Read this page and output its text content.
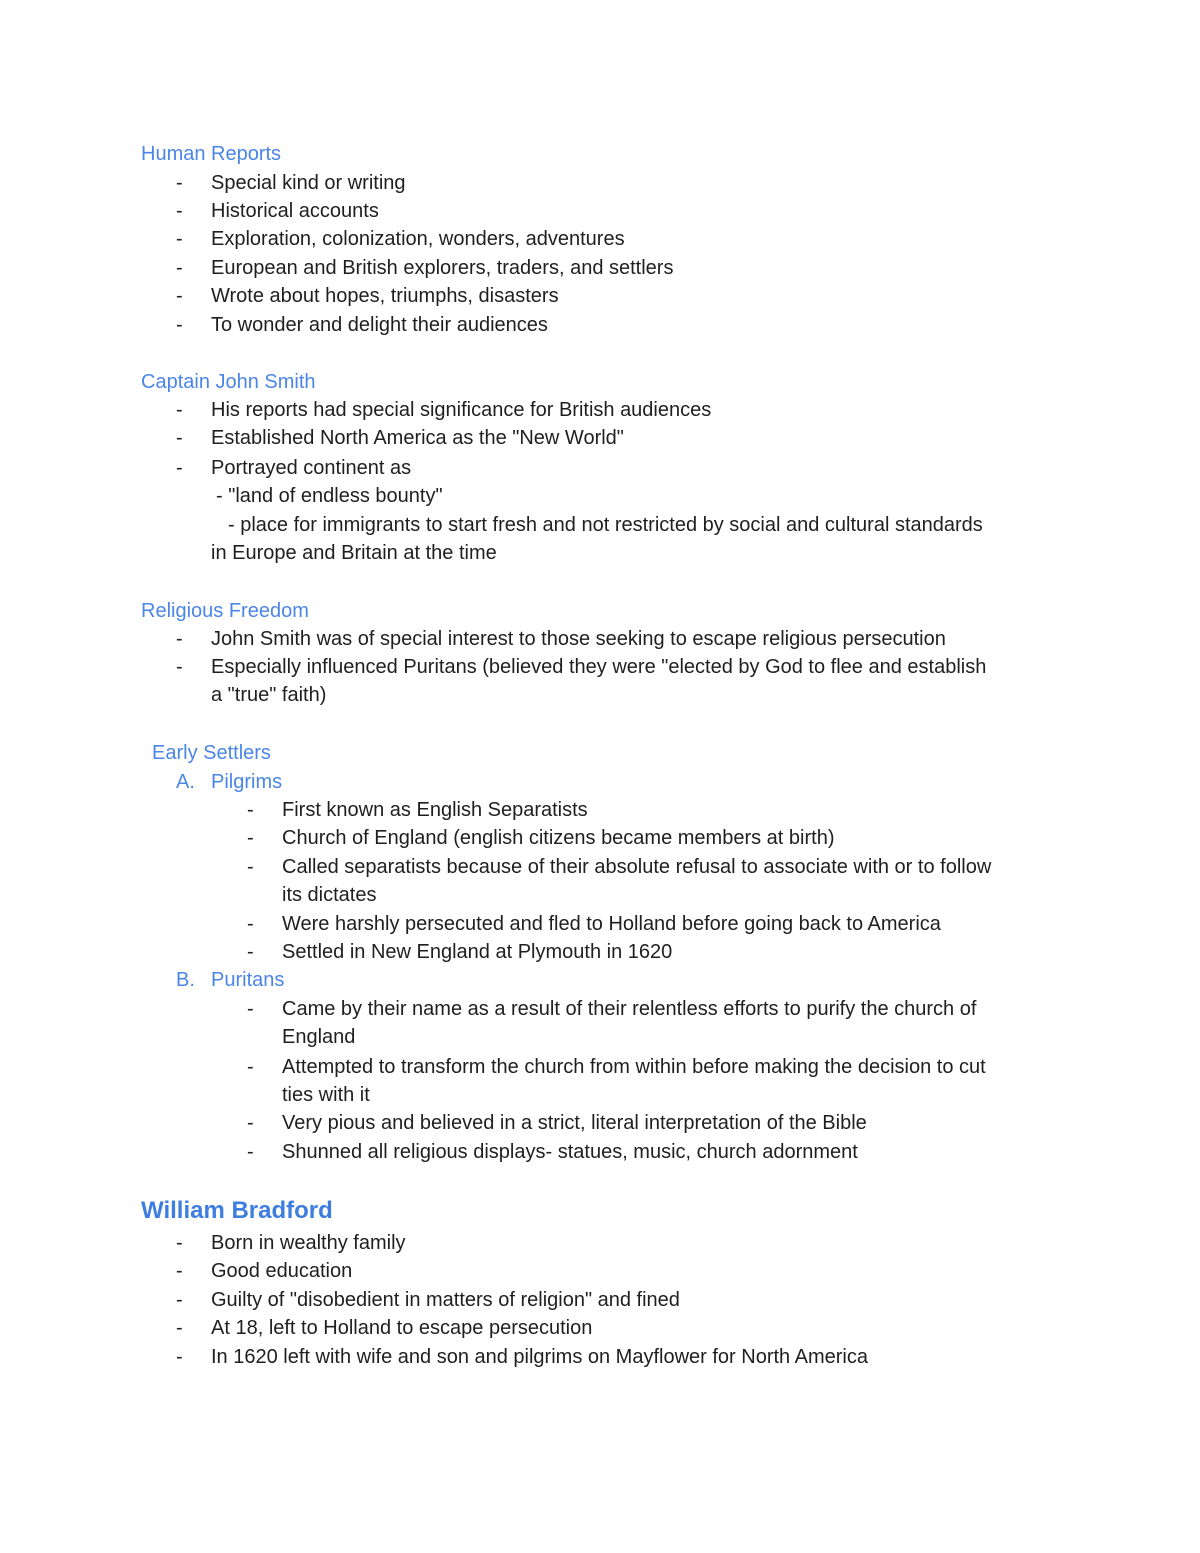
Human Reports
- Special kind or writing
- Historical accounts
- Exploration, colonization, wonders, adventures
- European and British explorers, traders, and settlers
- Wrote about hopes, triumphs, disasters
- To wonder and delight their audiences
Captain John Smith
- His reports had special significance for British audiences
- Established North America as the "New World"
- Portrayed continent as
- "land of endless bounty"
- place for immigrants to start fresh and not restricted by social and cultural standards
in Europe and Britain at the time
Religious Freedom
- John Smith was of special interest to those seeking to escape religious persecution
- Especially influenced Puritans (believed they were "elected by God to flee and establish
a "true" faith)
Early Settlers
A. Pilgrims
- First known as English Separatists
- Church of England (english citizens became members at birth)
- Called separatists because of their absolute refusal to associate with or to follow
its dictates
- Were harshly persecuted and fled to Holland before going back to America
- Settled in New England at Plymouth in 1620
B. Puritans
- Came by their name as a result of their relentless efforts to purify the church of
England
- Attempted to transform the church from within before making the decision to cut
ties with it
- Very pious and believed in a strict, literal interpretation of the Bible
- Shunned all religious displays- statues, music, church adornment
William Bradford
- Born in wealthy family
- Good education
- Guilty of "disobedient in matters of religion" and fined
- At 18, left to Holland to escape persecution
- In 1620 left with wife and son and pilgrims on Mayflower for North America
